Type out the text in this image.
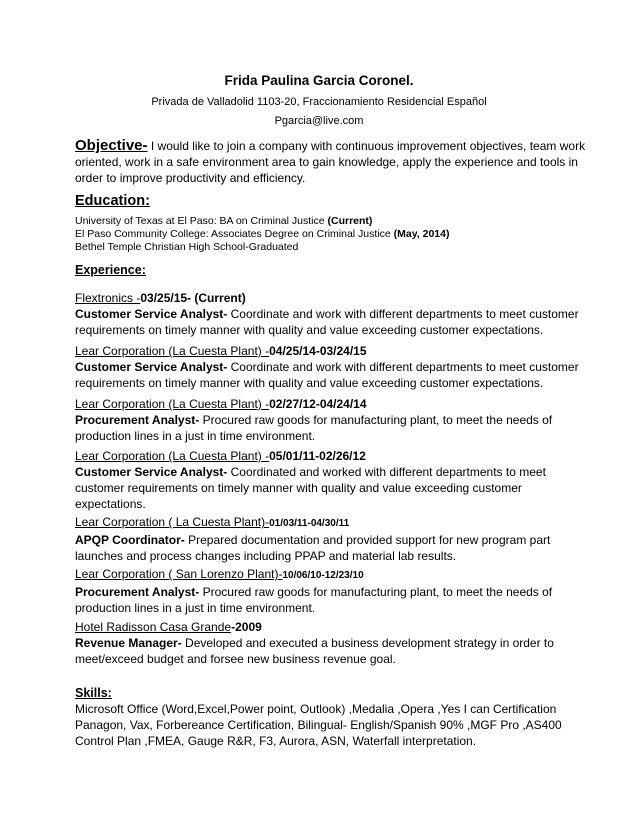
Frida Paulina Garcia Coronel.
Privada de Valladolid 1103-20, Fraccionamiento Residencial Español
Pgarcia@live.com
Objective- I would like to join a company with continuous improvement objectives, team work
oriented, work in a safe environment area to gain knowledge, apply the experience and tools in
order to improve productivity and efficiency.
Education:
University of Texas at El Paso: BA on Criminal Justice (Current)
El Paso Community College: Associates Degree on Criminal Justice (May, 2014)
Bethel Temple Christian High School-Graduated
Experience:
Flextronics -03/25/15- (Current)
Customer Service Analyst- Coordinate and work with different departments to meet customer
requirements on timely manner with quality and value exceeding customer expectations.
Lear Corporation (La Cuesta Plant) -04/25/14-03/24/15
Customer Service Analyst- Coordinate and work with different departments to meet customer
requirements on timely manner with quality and value exceeding customer expectations.
Lear Corporation (La Cuesta Plant) -02/27/12-04/24/14
Procurement Analyst- Procured raw goods for manufacturing plant, to meet the needs of
production lines in a just in time environment.
Lear Corporation (La Cuesta Plant) -05/01/11-02/26/12
Customer Service Analyst- Coordinated and worked with different departments to meet
customer requirements on timely manner with quality and value exceeding customer
expectations.
Lear Corporation ( La Cuesta Plant)-01/03/11-04/30/11
APQP Coordinator- Prepared documentation and provided support for new program part
launches and process changes including PPAP and material lab results.
Lear Corporation ( San Lorenzo Plant)-10/06/10-12/23/10
Procurement Analyst- Procured raw goods for manufacturing plant, to meet the needs of
production lines in a just in time environment.
Hotel Radisson Casa Grande-2009
Revenue Manager- Developed and executed a business development strategy in order to
meet/exceed budget and forsee new business revenue goal.
Skills:
Microsoft Office (Word,Excel,Power point, Outlook) ,Medalia ,Opera ,Yes I can Certification
Panagon, Vax, Forbereance Certification, Bilingual- English/Spanish 90% ,MGF Pro ,AS400
Control Plan ,FMEA, Gauge R&R, F3, Aurora, ASN, Waterfall interpretation.
